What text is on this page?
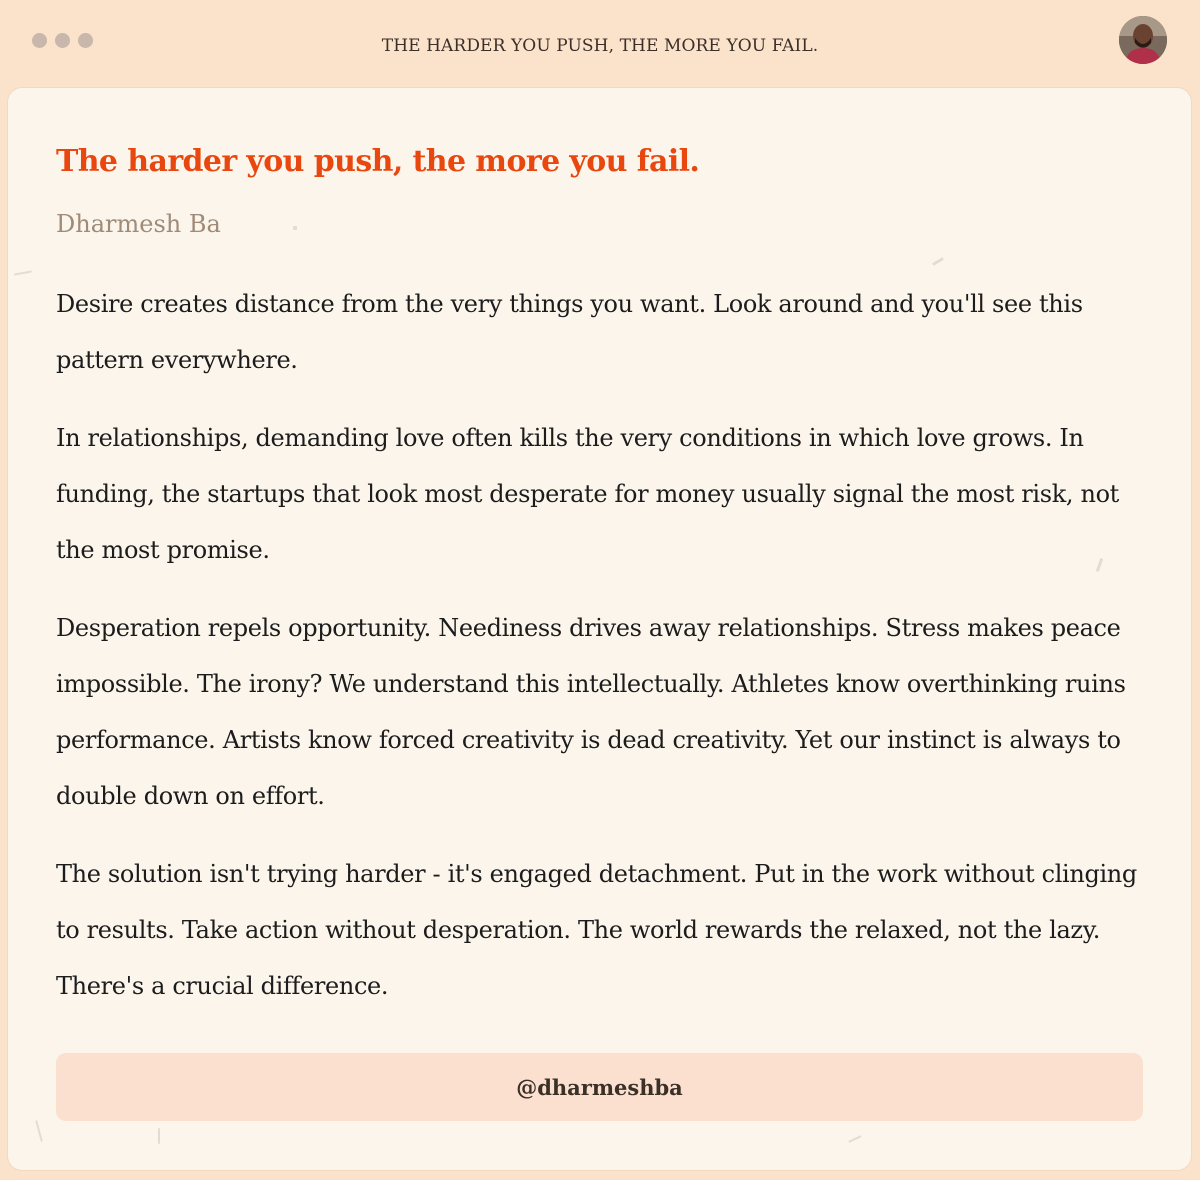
THE HARDER YOU PUSH, THE MORE YOU FAIL.
The harder you push, the more you fail.
Dharmesh Ba

Desire creates distance from the very things you want. Look around and you'll see this pattern everywhere.

In relationships, demanding love often kills the very conditions in which love grows. In funding, the startups that look most desperate for money usually signal the most risk, not the most promise.

Desperation repels opportunity. Neediness drives away relationships. Stress makes peace impossible. The irony? We understand this intellectually. Athletes know overthinking ruins performance. Artists know forced creativity is dead creativity. Yet our instinct is always to double down on effort.

The solution isn't trying harder - it's engaged detachment. Put in the work without clinging to results. Take action without desperation. The world rewards the relaxed, not the lazy. There's a crucial difference.

@dharmeshba
